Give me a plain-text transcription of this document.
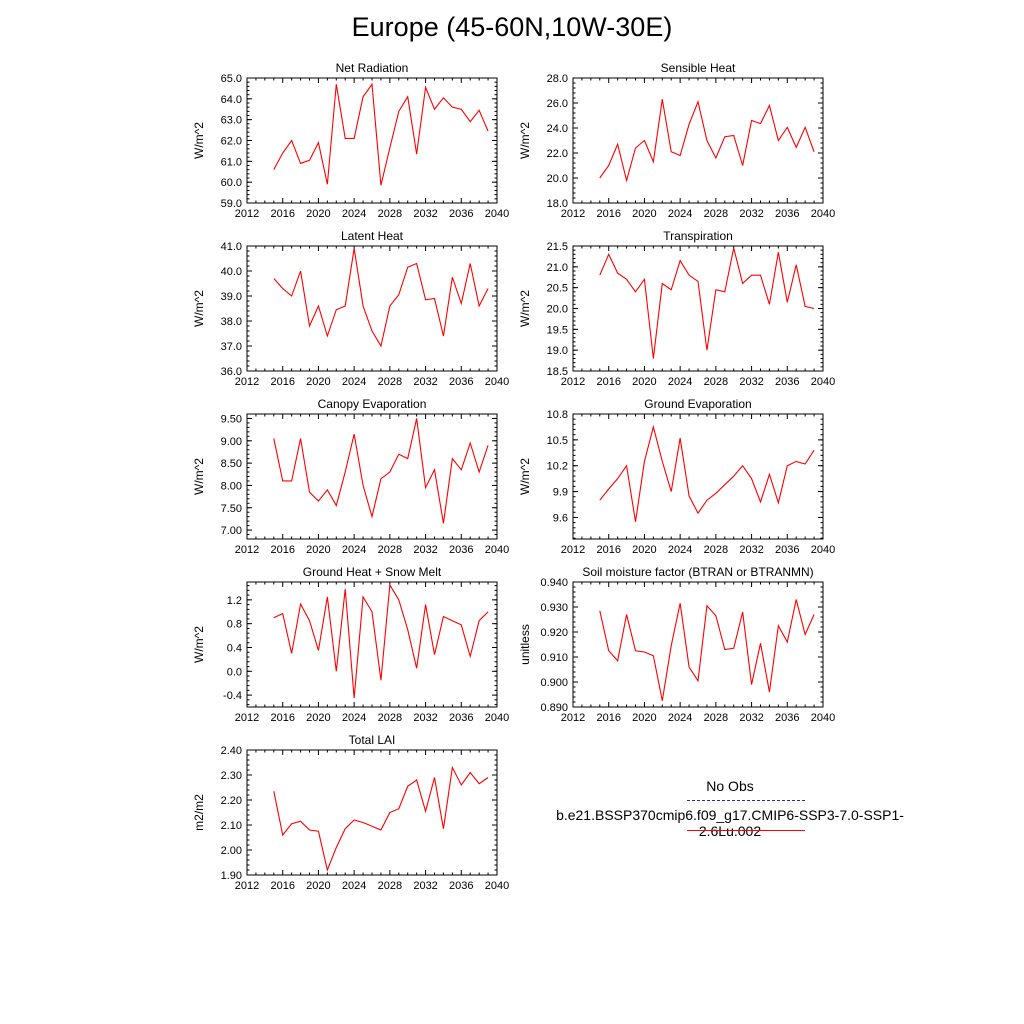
Europe (45-60N,10W-30E)
Net Radiation
W/m^2
2012 2016 2020 2024 2028 2032 2036 2040
59.0
60.0
61.0
62.0
63.0
64.0
65.0
Sensible Heat
W/m^2
2012 2016 2020 2024 2028 2032 2036 2040
18.0
20.0
22.0
24.0
26.0
28.0
Latent Heat
W/m^2
2012 2016 2020 2024 2028 2032 2036 2040
36.0
37.0
38.0
39.0
40.0
41.0
Transpiration
W/m^2
2012 2016 2020 2024 2028 2032 2036 2040
18.5
19.0
19.5
20.0
20.5
21.0
21.5
Canopy Evaporation
W/m^2
2012 2016 2020 2024 2028 2032 2036 2040
7.00
7.50
8.00
8.50
9.00
9.50
Ground Evaporation
W/m^2
2012 2016 2020 2024 2028 2032 2036 2040
9.6
9.9
10.2
10.5
10.8
Ground Heat + Snow Melt
W/m^2
2012 2016 2020 2024 2028 2032 2036 2040
-0.4
0.0
0.4
0.8
1.2
Soil moisture factor (BTRAN or BTRANMN)
unitless
2012 2016 2020 2024 2028 2032 2036 2040
0.890
0.900
0.910
0.920
0.930
0.940
Total LAI
m2/m2
2012 2016 2020 2024 2028 2032 2036 2040
1.90
2.00
2.10
2.20
2.30
2.40
No Obs
b.e21.BSSP370cmip6.f09_g17.CMIP6-SSP3-7.0-SSP1-2.6Lu.002
